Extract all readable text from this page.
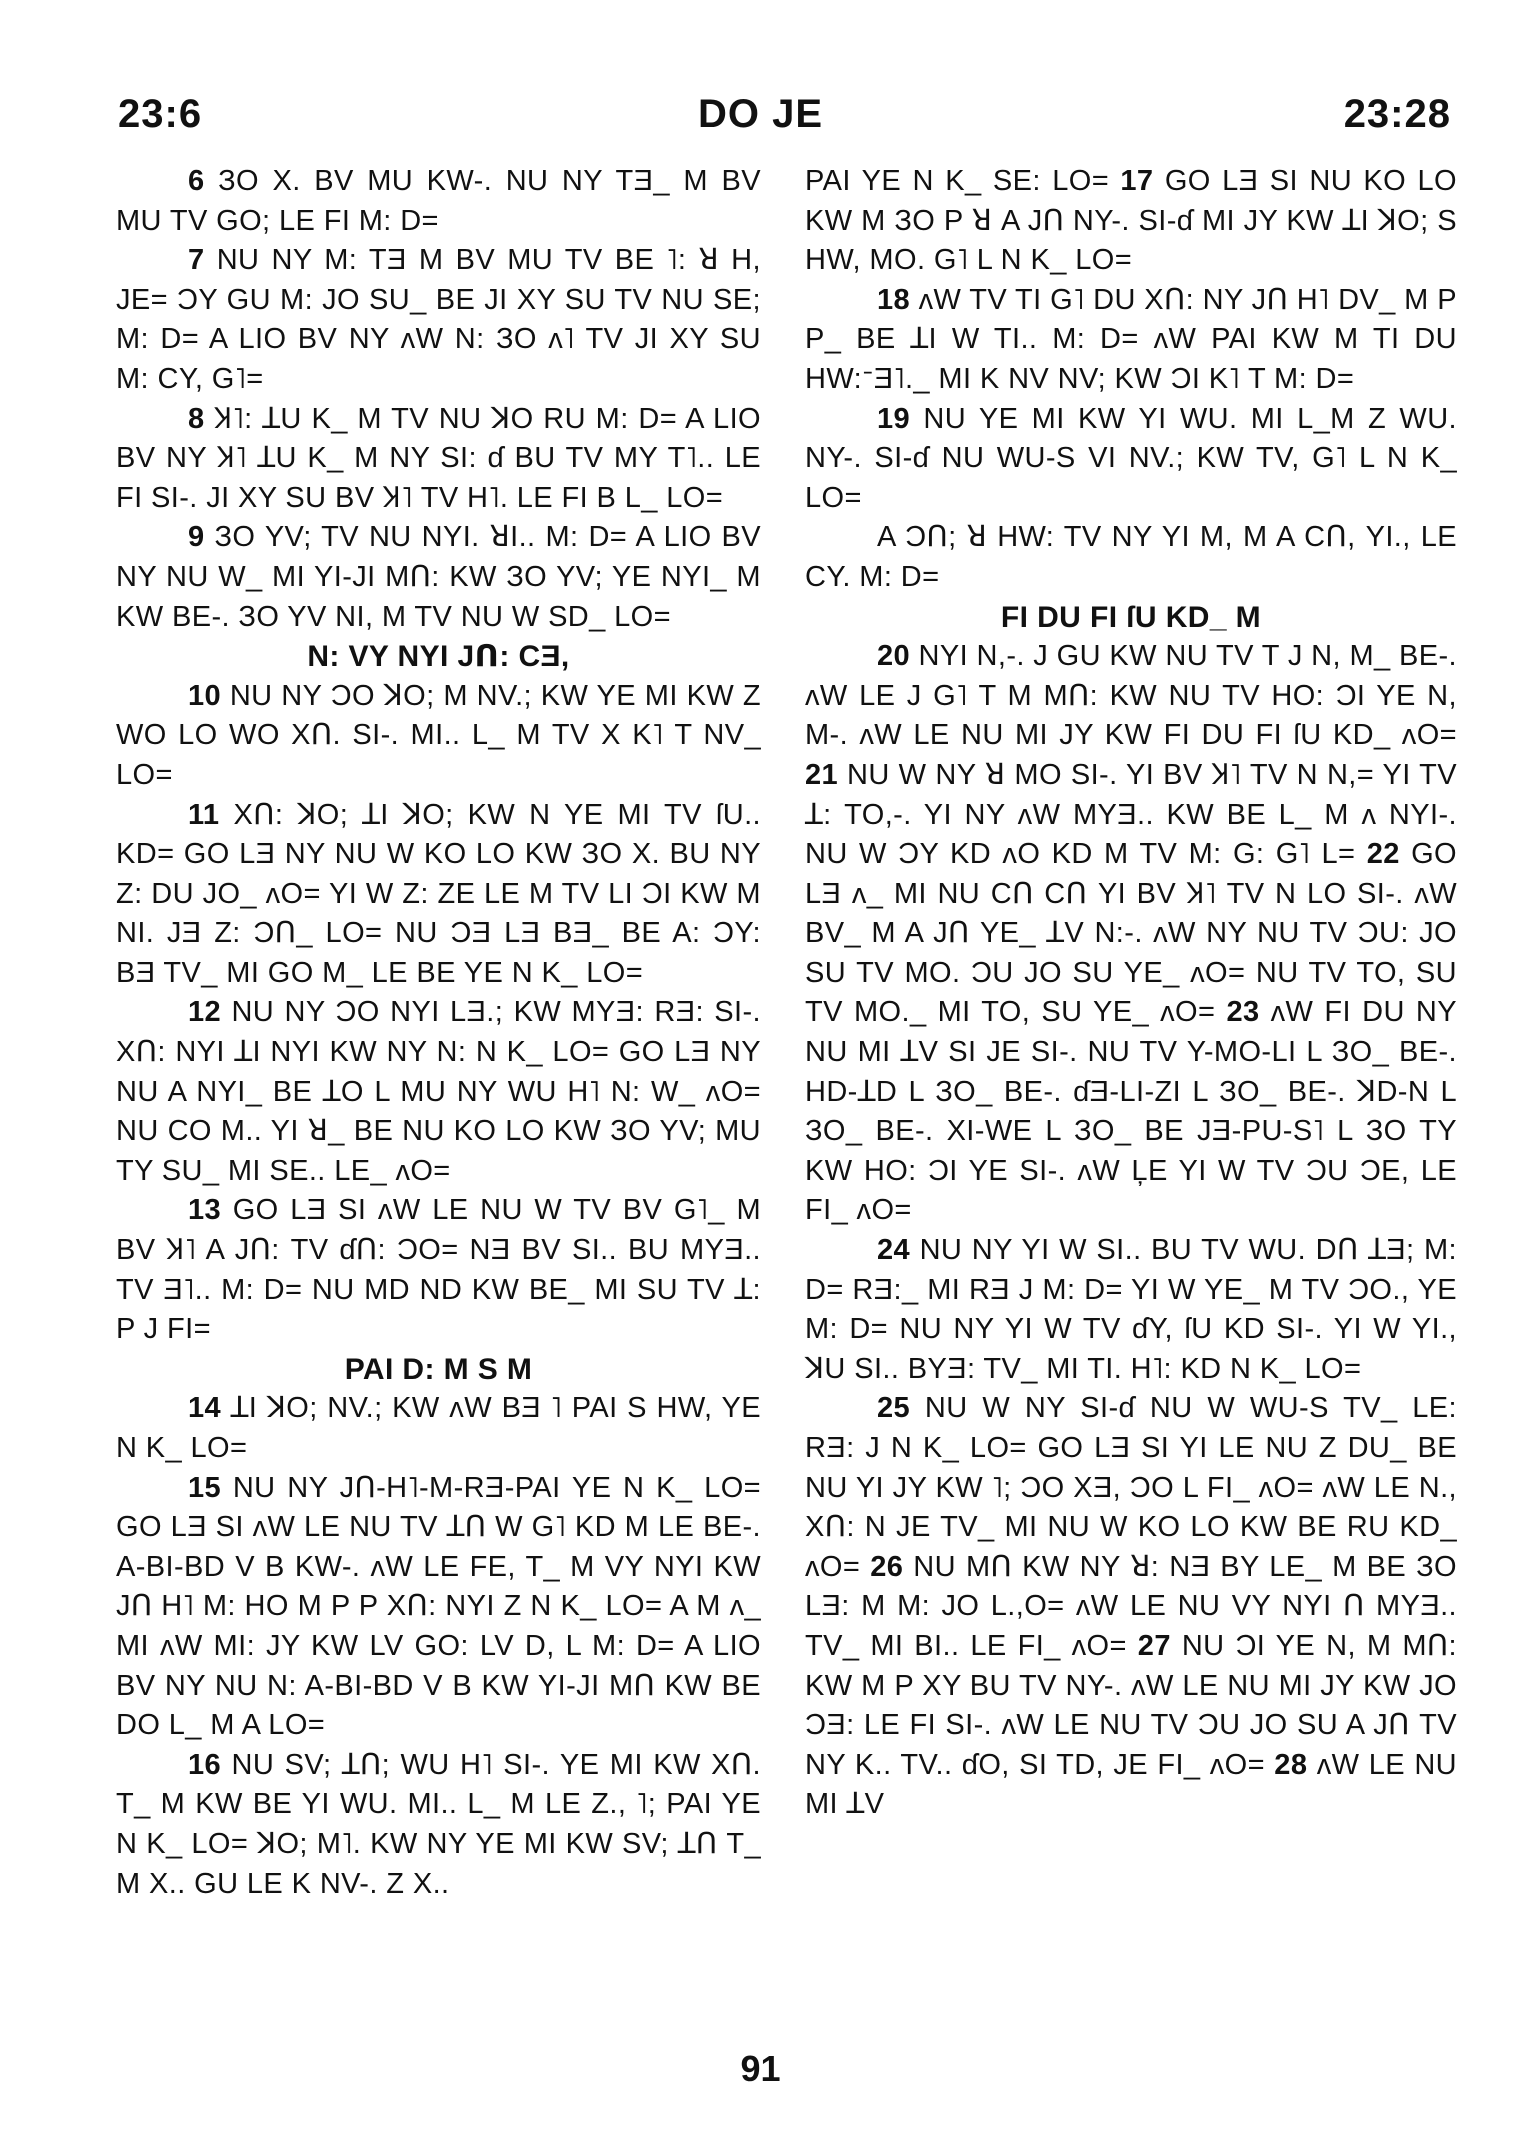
23:6	DO JE	23:28

6 ЗO X. BV MU KW-. NU NY TƎ_ M BV MU TV GO; LE FI M: D=

7 NU NY M: TƎ M BV MU TV BE ˥: ꓤ H, JE= ƆY GU M: JO SU_ BE JI XY SU TV NU SE; M: D= A LIO BV NY ʌW N: ЗO ʌ˥ TV JI XY SU M: CY, G˥=

8 Ʞ˥: ꓕU K_ M TV NU ꓘO RU M: D= A LIO BV NY Ʞ˥ ꓕU K_ M NY SI: ɗ BU TV MY T˥.. LE FI SI-. JI XY SU BV Ʞ˥ TV H˥. LE FI B L_ LO=

9 ЗO YV; TV NU NYI. ꓤI.. M: D= A LIO BV NY NU W_ MI YI-JI Mꓵ: KW ЗO YV; YE NYI_ M KW BE-. ЗO YV NI, M TV NU W SD_ LO=

N: VY NYI Jꓵ: CƎ,

10 NU NY ƆO ꓘO; M NV.; KW YE MI KW Z WO LO WO Xꓵ. SI-. MI.. L_ M TV X K˥ T NV_ LO=

11 Xꓵ: ꓘO; ꓕI ꓘO; KW N YE MI TV ſU.. KD= GO LƎ NY NU W KO LO KW ЗO X. BU NY Z: DU JO_ ʌO= YI W Z: ZE LE M TV LI ƆI KW M NI. JƎ Z: Ɔꓵ_ LO= NU ƆƎ LƎ BƎ_ BE A: ƆY: BƎ TV_ MI GO M_ LE BE YE N K_ LO=

12 NU NY ƆO NYI LƎ.; KW MYƎ: RƎ: SI-. Xꓵ: NYI ꓕI NYI KW NY N: N K_ LO= GO LƎ NY NU A NYI_ BE ꓕO L MU NY WU H˥ N: W_ ʌO= NU CO M.. YI ꓤ_ BE NU KO LO KW ЗO YV; MU TY SU_ MI SE.. LE_ ʌO=

13 GO LƎ SI ʌW LE NU W TV BV G˥_ M BV Ʞ˥ A Jꓵ: TV ɗꓵ: ƆO= NƎ BV SI.. BU MYƎ.. TV Ǝ˥.. M: D= NU MD ND KW BE_ MI SU TV ꓕ: P J FI=

PAI D: M S M

14 ꓕI ꓘO; NV.; KW ʌW BƎ ˥ PAI S HW, YE N K_ LO=

15 NU NY Jꓵ-H˥-M-RƎ-PAI YE N K_ LO= GO LƎ SI ʌW LE NU TV ꓕꓵ W G˥ KD M LE BE-. A-BI-BD V B KW-. ʌW LE FE, T_ M VY NYI KW Jꓵ H˥ M: HO M P P Xꓵ: NYI Z N K_ LO= A M ʌ_ MI ʌW MI: JY KW LV GO: LV D, L M: D= A LIO BV NY NU N: A-BI-BD V B KW YI-JI Mꓵ KW BE DO L_ M A LO=

16 NU SV; ꓕꓵ; WU H˥ SI-. YE MI KW Xꓵ. T_ M KW BE YI WU. MI.. L_ M LE Z., ˥; PAI YE N K_ LO= ꓘO; M˥. KW NY YE MI KW SV; ꓕꓵ T_ M X.. GU LE K NV-. Z X..

PAI YE N K_ SE: LO= 17 GO LƎ SI NU KO LO KW M ЗO P ꓤ A Jꓵ NY-. SI-ɗ MI JY KW ꓕI ꓘO; S HW, MO. G˥ L N K_ LO=

18 ʌW TV TI G˥ DU Xꓵ: NY Jꓵ H˥ DV_ M P P_ BE ꓕI W TI.. M: D= ʌW PAI KW M TI DU HW:ᐨƎ˥._ MI K NV NV; KW ƆI K˥ T M: D=

19 NU YE MI KW YI WU. MI L_M Z WU. NY-. SI-ɗ NU WU-S VI NV.; KW TV, G˥ L N K_ LO=

A Ɔꓵ; ꓤ HW: TV NY YI M, M A Cꓵ, YI., LE CY. M: D=

FI DU FI ſU KD_ M

20 NYI N,-. J GU KW NU TV T J N, M_ BE-. ʌW LE J G˥ T M Mꓵ: KW NU TV HO: ƆI YE N, M-. ʌW LE NU MI JY KW FI DU FI ſU KD_ ʌO= 21 NU W NY ꓤ MO SI-. YI BV Ʞ˥ TV N N,= YI TV ꓕ: TO,-. YI NY ʌW MYƎ.. KW BE L_ M ʌ NYI-. NU W ƆY KD ʌO KD M TV M: G: G˥ L= 22 GO LƎ ʌ_ MI NU Cꓵ Cꓵ YI BV Ʞ˥ TV N LO SI-. ʌW BV_ M A Jꓵ YE_ ꓕV N:-. ʌW NY NU TV ƆU: JO SU TV MO. ƆU JO SU YE_ ʌO= NU TV TO, SU TV MO._ MI TO, SU YE_ ʌO= 23 ʌW FI DU NY NU MI ꓕV SI JE SI-. NU TV Y-MO-LI L ЗO_ BE-. HD-ꓕD L ЗO_ BE-. ɗƎ-LI-ZI L ЗO_ BE-. ꓘD-N L ЗO_ BE-. XI-WE L ЗO_ BE JƎ-PU-S˥ L ЗO TY KW HO: ƆI YE SI-. ʌW ĻE YI W TV ƆU ƆE, LE FI_ ʌO=

24 NU NY YI W SI.. BU TV WU. Dꓵ ꓕƎ; M: D= RƎ:_ MI RƎ J M: D= YI W YE_ M TV ƆO., YE M: D= NU NY YI W TV ɗY, ſU KD SI-. YI W YI., ꓘU SI.. BYƎ: TV_ MI TI. H˥: KD N K_ LO=

25 NU W NY SI-ɗ NU W WU-S TV_ LE: RƎ: J N K_ LO= GO LƎ SI YI LE NU Z DU_ BE NU YI JY KW ˥; ƆO XƎ, ƆO L FI_ ʌO= ʌW LE N., Xꓵ: N JE TV_ MI NU W KO LO KW BE RU KD_ ʌO= 26 NU Mꓵ KW NY ꓤ: NƎ BY LE_ M BE ЗO LƎ: M M: JO L.,O= ʌW LE NU VY NYI ꓵ MYƎ.. TV_ MI BI.. LE FI_ ʌO= 27 NU ƆI YE N, M Mꓵ: KW M P XY BU TV NY-. ʌW LE NU MI JY KW JO ƆƎ: LE FI SI-. ʌW LE NU TV ƆU JO SU A Jꓵ TV NY K.. TV.. ɗO, SI TD, JE FI_ ʌO= 28 ʌW LE NU MI ꓕV

91
